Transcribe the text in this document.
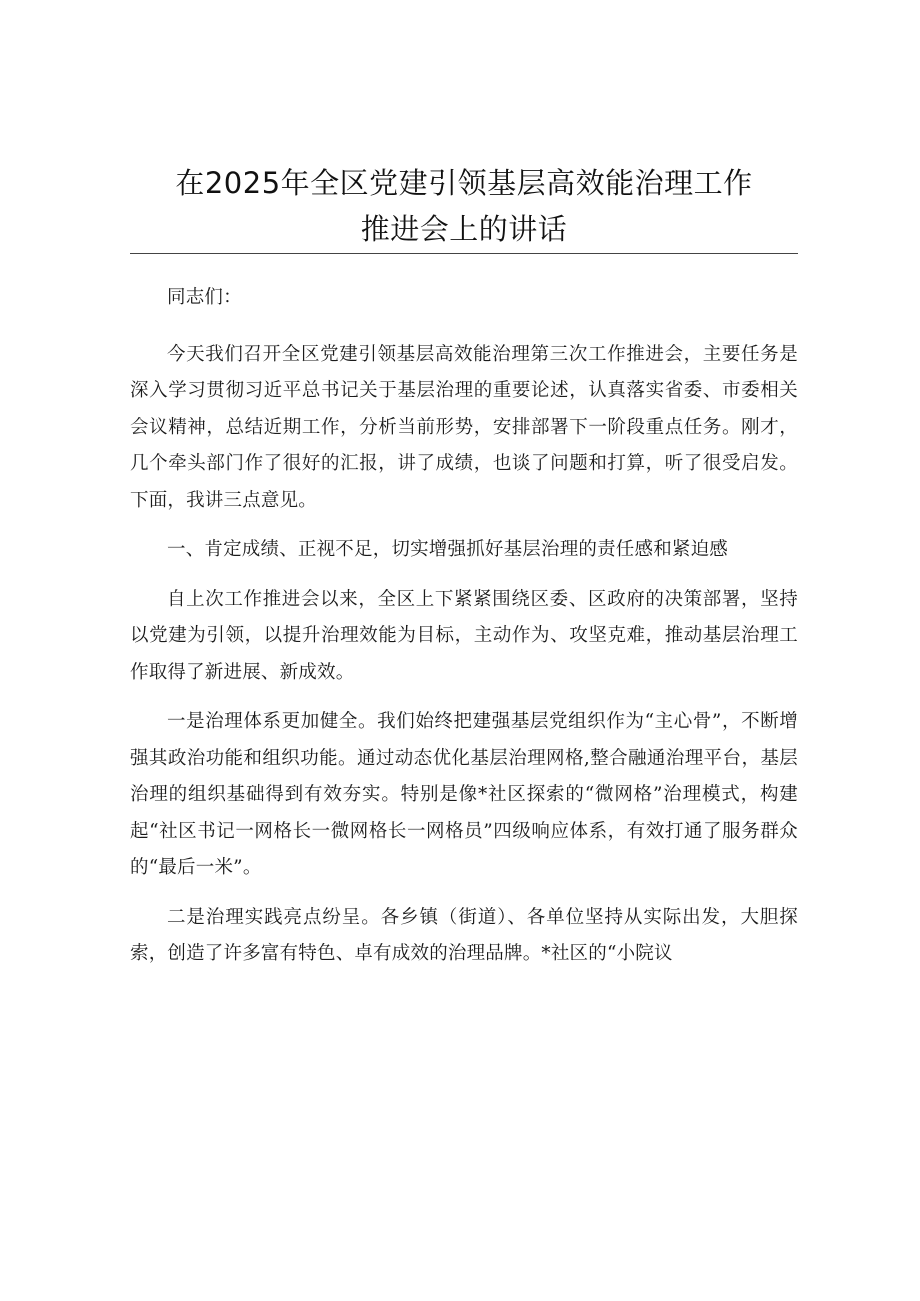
在2025年全区党建引领基层高效能治理工作
推进会上的讲话

同志们：

今天我们召开全区党建引领基层高效能治理第三次工作推进会，主要任务是深入学习贯彻习近平总书记关于基层治理的重要论述，认真落实省委、市委相关会议精神，总结近期工作，分析当前形势，安排部署下一阶段重点任务。刚才，几个牵头部门作了很好的汇报，讲了成绩，也谈了问题和打算，听了很受启发。下面，我讲三点意见。

一、肯定成绩、正视不足，切实增强抓好基层治理的责任感和紧迫感

自上次工作推进会以来，全区上下紧紧围绕区委、区政府的决策部署，坚持以党建为引领，以提升治理效能为目标，主动作为、攻坚克难，推动基层治理工作取得了新进展、新成效。

一是治理体系更加健全。我们始终把建强基层党组织作为“主心骨”，不断增强其政治功能和组织功能。通过动态优化基层治理网格,整合融通治理平台，基层治理的组织基础得到有效夯实。特别是像*社区探索的“微网格”治理模式，构建起“社区书记一网格长一微网格长一网格员”四级响应体系，有效打通了服务群众的“最后一米”。

二是治理实践亮点纷呈。各乡镇（街道）、各单位坚持从实际出发，大胆探索，创造了许多富有特色、卓有成效的治理品牌。*社区的“小院议
